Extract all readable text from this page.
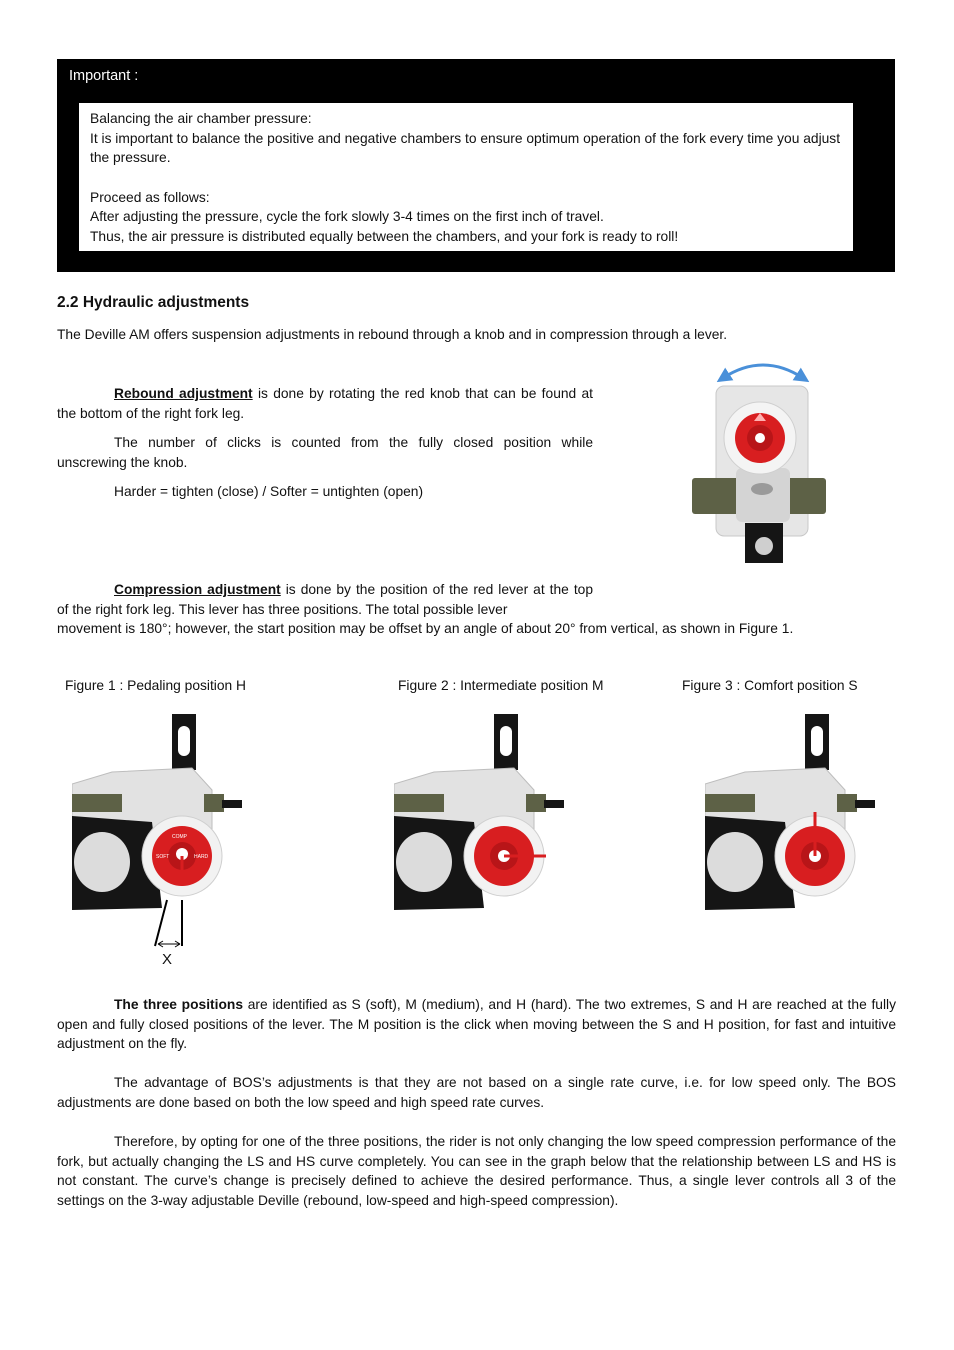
Important :

Balancing the air chamber pressure:

It is important to balance the positive and negative chambers to ensure optimum operation of the fork every time you adjust the pressure.

Proceed as follows:

After adjusting the pressure, cycle the fork slowly 3-4 times on the first inch of travel.

Thus, the air pressure is distributed equally between the chambers, and your fork is ready to roll!

2.2 Hydraulic adjustments
The Deville AM offers suspension adjustments in rebound through a knob and in compression through a lever.

Rebound adjustment is done by rotating the red knob that can be found at the bottom of the right fork leg.

The number of clicks is counted from the fully closed position while unscrewing the knob.

Harder = tighten (close) / Softer = untighten (open)

Compression adjustment is done by the position of the red lever at the top of the right fork leg. This lever has three positions. The total possible lever

movement is 180°; however, the start position may be offset by an angle of about 20° from vertical, as shown in Figure 1.
Figure 1 : Pedaling position H	Figure 2 : Intermediate position M	Figure 3 : Comfort position S
COMP
SOFT	HARD
X

The three positions are identified as S (soft), M (medium), and H (hard). The two extremes, S and H are reached at the fully open and fully closed positions of the lever. The M position is the click when moving between the S and H position, for fast and intuitive adjustment on the fly.

The advantage of BOS’s adjustments is that they are not based on a single rate curve, i.e. for low speed only. The BOS adjustments are done based on both the low speed and high speed rate curves.

Therefore, by opting for one of the three positions, the rider is not only changing the low speed compression performance of the fork, but actually changing the LS and HS curve completely. You can see in the graph below that the relationship between LS and HS is not constant. The curve’s change is precisely defined to achieve the desired performance. Thus, a single lever controls all 3 of the settings on the 3-way adjustable Deville (rebound, low-speed and high-speed compression).
